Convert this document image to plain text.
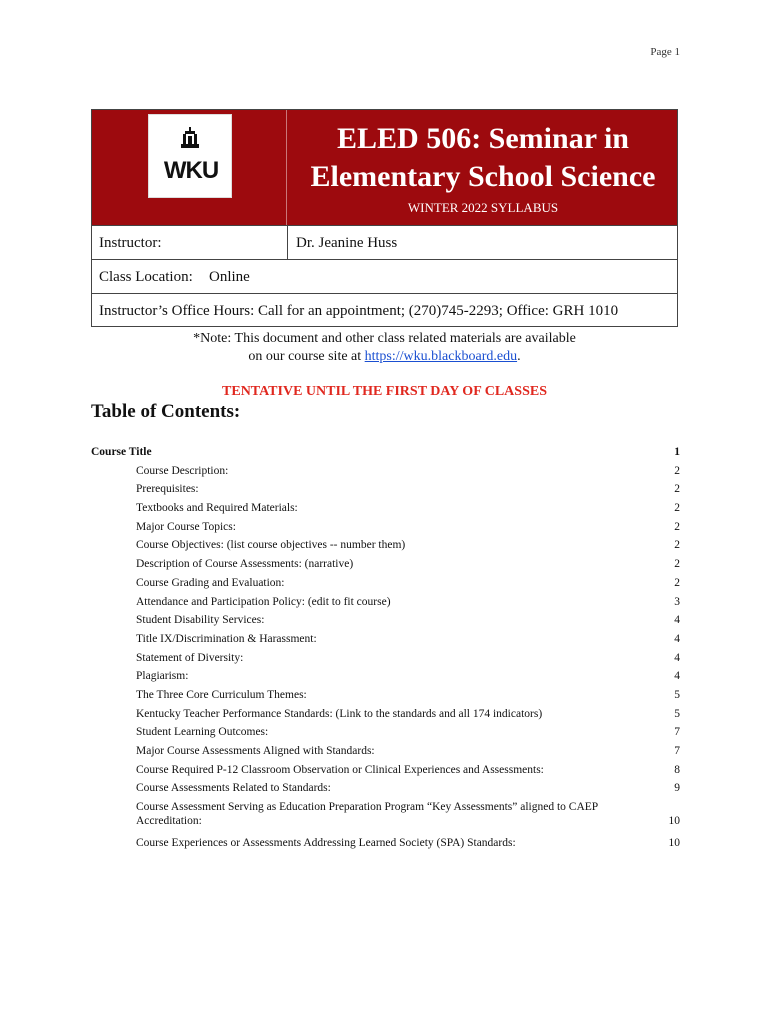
Page 1
WKU
ELED 506: Seminar in
Elementary School Science
WINTER 2022 SYLLABUS
Instructor:	Dr. Jeanine Huss
Class Location: Online
Instructor’s Office Hours: Call for an appointment; (270)745-2293; Office: GRH 1010
*Note: This document and other class related materials are available
on our course site at https://wku.blackboard.edu.
TENTATIVE UNTIL THE FIRST DAY OF CLASSES
Table of Contents:
Course Title	1
Course Description:	2
Prerequisites:	2
Textbooks and Required Materials:	2
Major Course Topics:	2
Course Objectives: (list course objectives -- number them)	2
Description of Course Assessments: (narrative)	2
Course Grading and Evaluation:	2
Attendance and Participation Policy: (edit to fit course)	3
Student Disability Services:	4
Title IX/Discrimination & Harassment:	4
Statement of Diversity:	4
Plagiarism:	4
The Three Core Curriculum Themes:	5
Kentucky Teacher Performance Standards: (Link to the standards and all 174 indicators)	5
Student Learning Outcomes:	7
Major Course Assessments Aligned with Standards:	7
Course Required P-12 Classroom Observation or Clinical Experiences and Assessments:	8
Course Assessments Related to Standards:	9
Course Assessment Serving as Education Preparation Program “Key Assessments” aligned to CAEP Accreditation:	10
Course Experiences or Assessments Addressing Learned Society (SPA) Standards:	10
